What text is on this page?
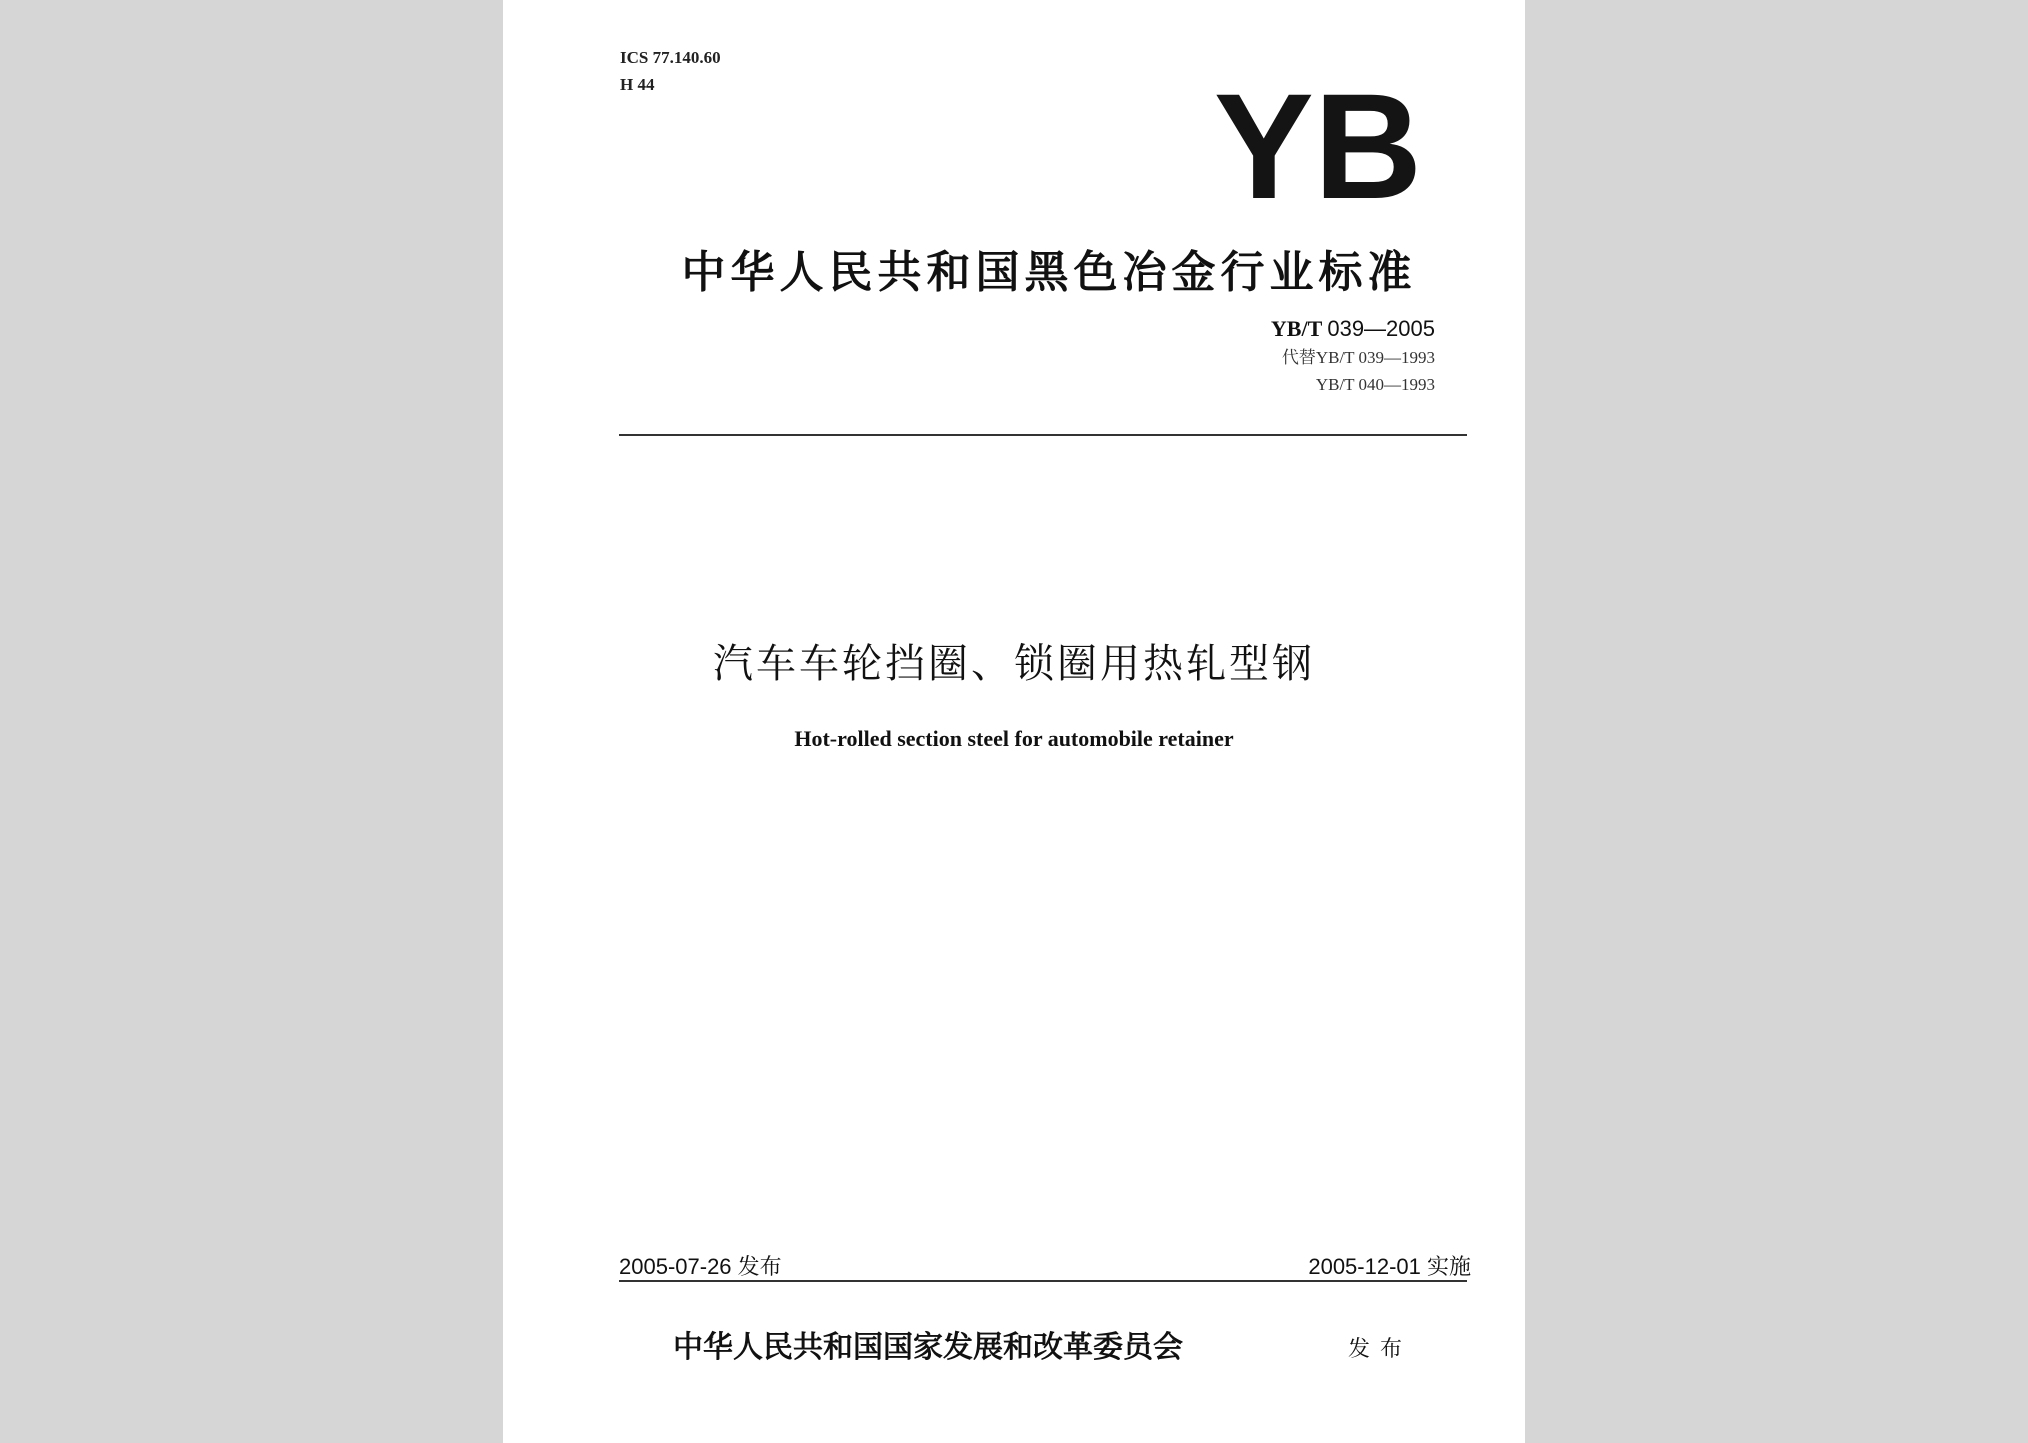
ICS 77.140.60
H 44	YB
中华人民共和国黑色冶金行业标准
YB/T 039—2005
代替YB/T 039—1993
YB/T 040—1993
汽车车轮挡圈、锁圈用热轧型钢
Hot-rolled section steel for automobile retainer
2005-07-26 发布	2005-12-01 实施
中华人民共和国国家发展和改革委员会	发布
